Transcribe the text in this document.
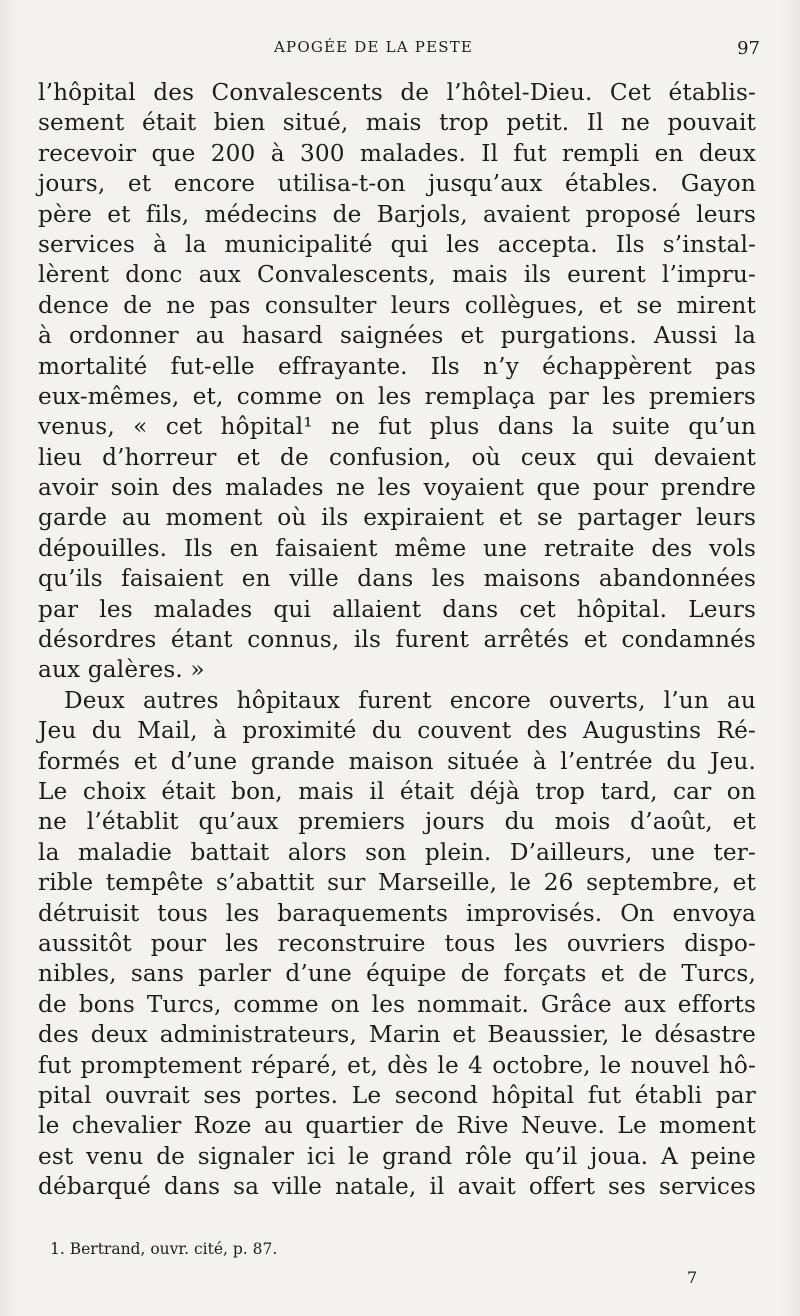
APOGÉE DE LA PESTE	97
l’hôpital des Convalescents de l’hôtel-Dieu. Cet établis-
sement était bien situé, mais trop petit. Il ne pouvait
recevoir que 200 à 300 malades. Il fut rempli en deux
jours, et encore utilisa-t-on jusqu’aux étables. Gayon
père et fils, médecins de Barjols, avaient proposé leurs
services à la municipalité qui les accepta. Ils s’instal-
lèrent donc aux Convalescents, mais ils eurent l’impru-
dence de ne pas consulter leurs collègues, et se mirent
à ordonner au hasard saignées et purgations. Aussi la
mortalité fut-elle effrayante. Ils n’y échappèrent pas
eux-mêmes, et, comme on les remplaça par les premiers
venus, « cet hôpital¹ ne fut plus dans la suite qu’un
lieu d’horreur et de confusion, où ceux qui devaient
avoir soin des malades ne les voyaient que pour prendre
garde au moment où ils expiraient et se partager leurs
dépouilles. Ils en faisaient même une retraite des vols
qu’ils faisaient en ville dans les maisons abandonnées
par les malades qui allaient dans cet hôpital. Leurs
désordres étant connus, ils furent arrêtés et condamnés
aux galères. »
Deux autres hôpitaux furent encore ouverts, l’un au
Jeu du Mail, à proximité du couvent des Augustins Ré-
formés et d’une grande maison située à l’entrée du Jeu.
Le choix était bon, mais il était déjà trop tard, car on
ne l’établit qu’aux premiers jours du mois d’août, et
la maladie battait alors son plein. D’ailleurs, une ter-
rible tempête s’abattit sur Marseille, le 26 septembre, et
détruisit tous les baraquements improvisés. On envoya
aussitôt pour les reconstruire tous les ouvriers dispo-
nibles, sans parler d’une équipe de forçats et de Turcs,
de bons Turcs, comme on les nommait. Grâce aux efforts
des deux administrateurs, Marin et Beaussier, le désastre
fut promptement réparé, et, dès le 4 octobre, le nouvel hô-
pital ouvrait ses portes. Le second hôpital fut établi par
le chevalier Roze au quartier de Rive Neuve. Le moment
est venu de signaler ici le grand rôle qu’il joua. A peine
débarqué dans sa ville natale, il avait offert ses services
1. Bertrand, ouvr. cité, p. 87.
7
